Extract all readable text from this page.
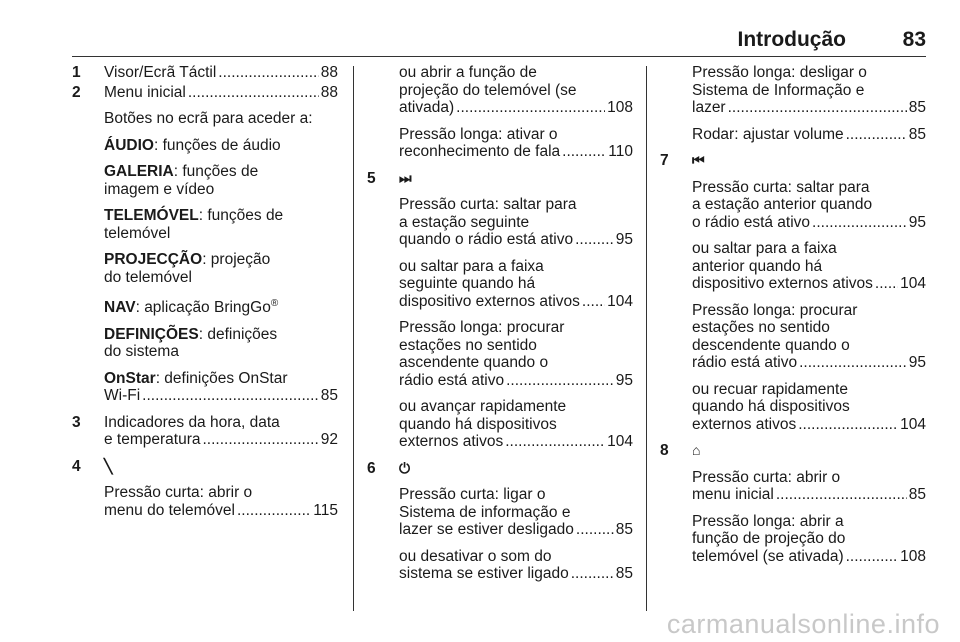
Introdução	83
1 Visor/Ecrã Táctil .....	88
2 Menu inicial .....	88
Botões no ecrã para aceder a:
ÁUDIO: funções de áudio
GALERIA: funções de
imagem e vídeo
TELEMÓVEL: funções de
telemóvel
PROJECÇÃO: projeção
do telemóvel
NAV: aplicação BringGo®
DEFINIÇÕES: definições
do sistema
OnStar: definições OnStar
Wi-Fi .....	85
3 Indicadores da hora, data
e temperatura .....	92
4 ╲
Pressão curta: abrir o
menu do telemóvel .....	115
ou abrir a função de
projeção do telemóvel (se
ativada) .....	108
Pressão longa: ativar o
reconhecimento de fala .....	110
5 ⏭
Pressão curta: saltar para
a estação seguinte
quando o rádio está ativo .....	95
ou saltar para a faixa
seguinte quando há
dispositivo externos ativos ..... 104
Pressão longa: procurar
estações no sentido
ascendente quando o
rádio está ativo .....	95
ou avançar rapidamente
quando há dispositivos
externos ativos .....	104
6 ⏻
Pressão curta: ligar o
Sistema de informação e
lazer se estiver desligado .....	85
ou desativar o som do
sistema se estiver ligado .....	85
Pressão longa: desligar o
Sistema de Informação e
lazer .....	85
Rodar: ajustar volume .....	85
7 ⏮
Pressão curta: saltar para
a estação anterior quando
o rádio está ativo .....	95
ou saltar para a faixa
anterior quando há
dispositivo externos ativos ..... 104
Pressão longa: procurar
estações no sentido
descendente quando o
rádio está ativo .....	95
ou recuar rapidamente
quando há dispositivos
externos ativos .....	104
8 ⌂
Pressão curta: abrir o
menu inicial .....	85
Pressão longa: abrir a
função de projeção do
telemóvel (se ativada) .....	108
carmanualsonline.info
